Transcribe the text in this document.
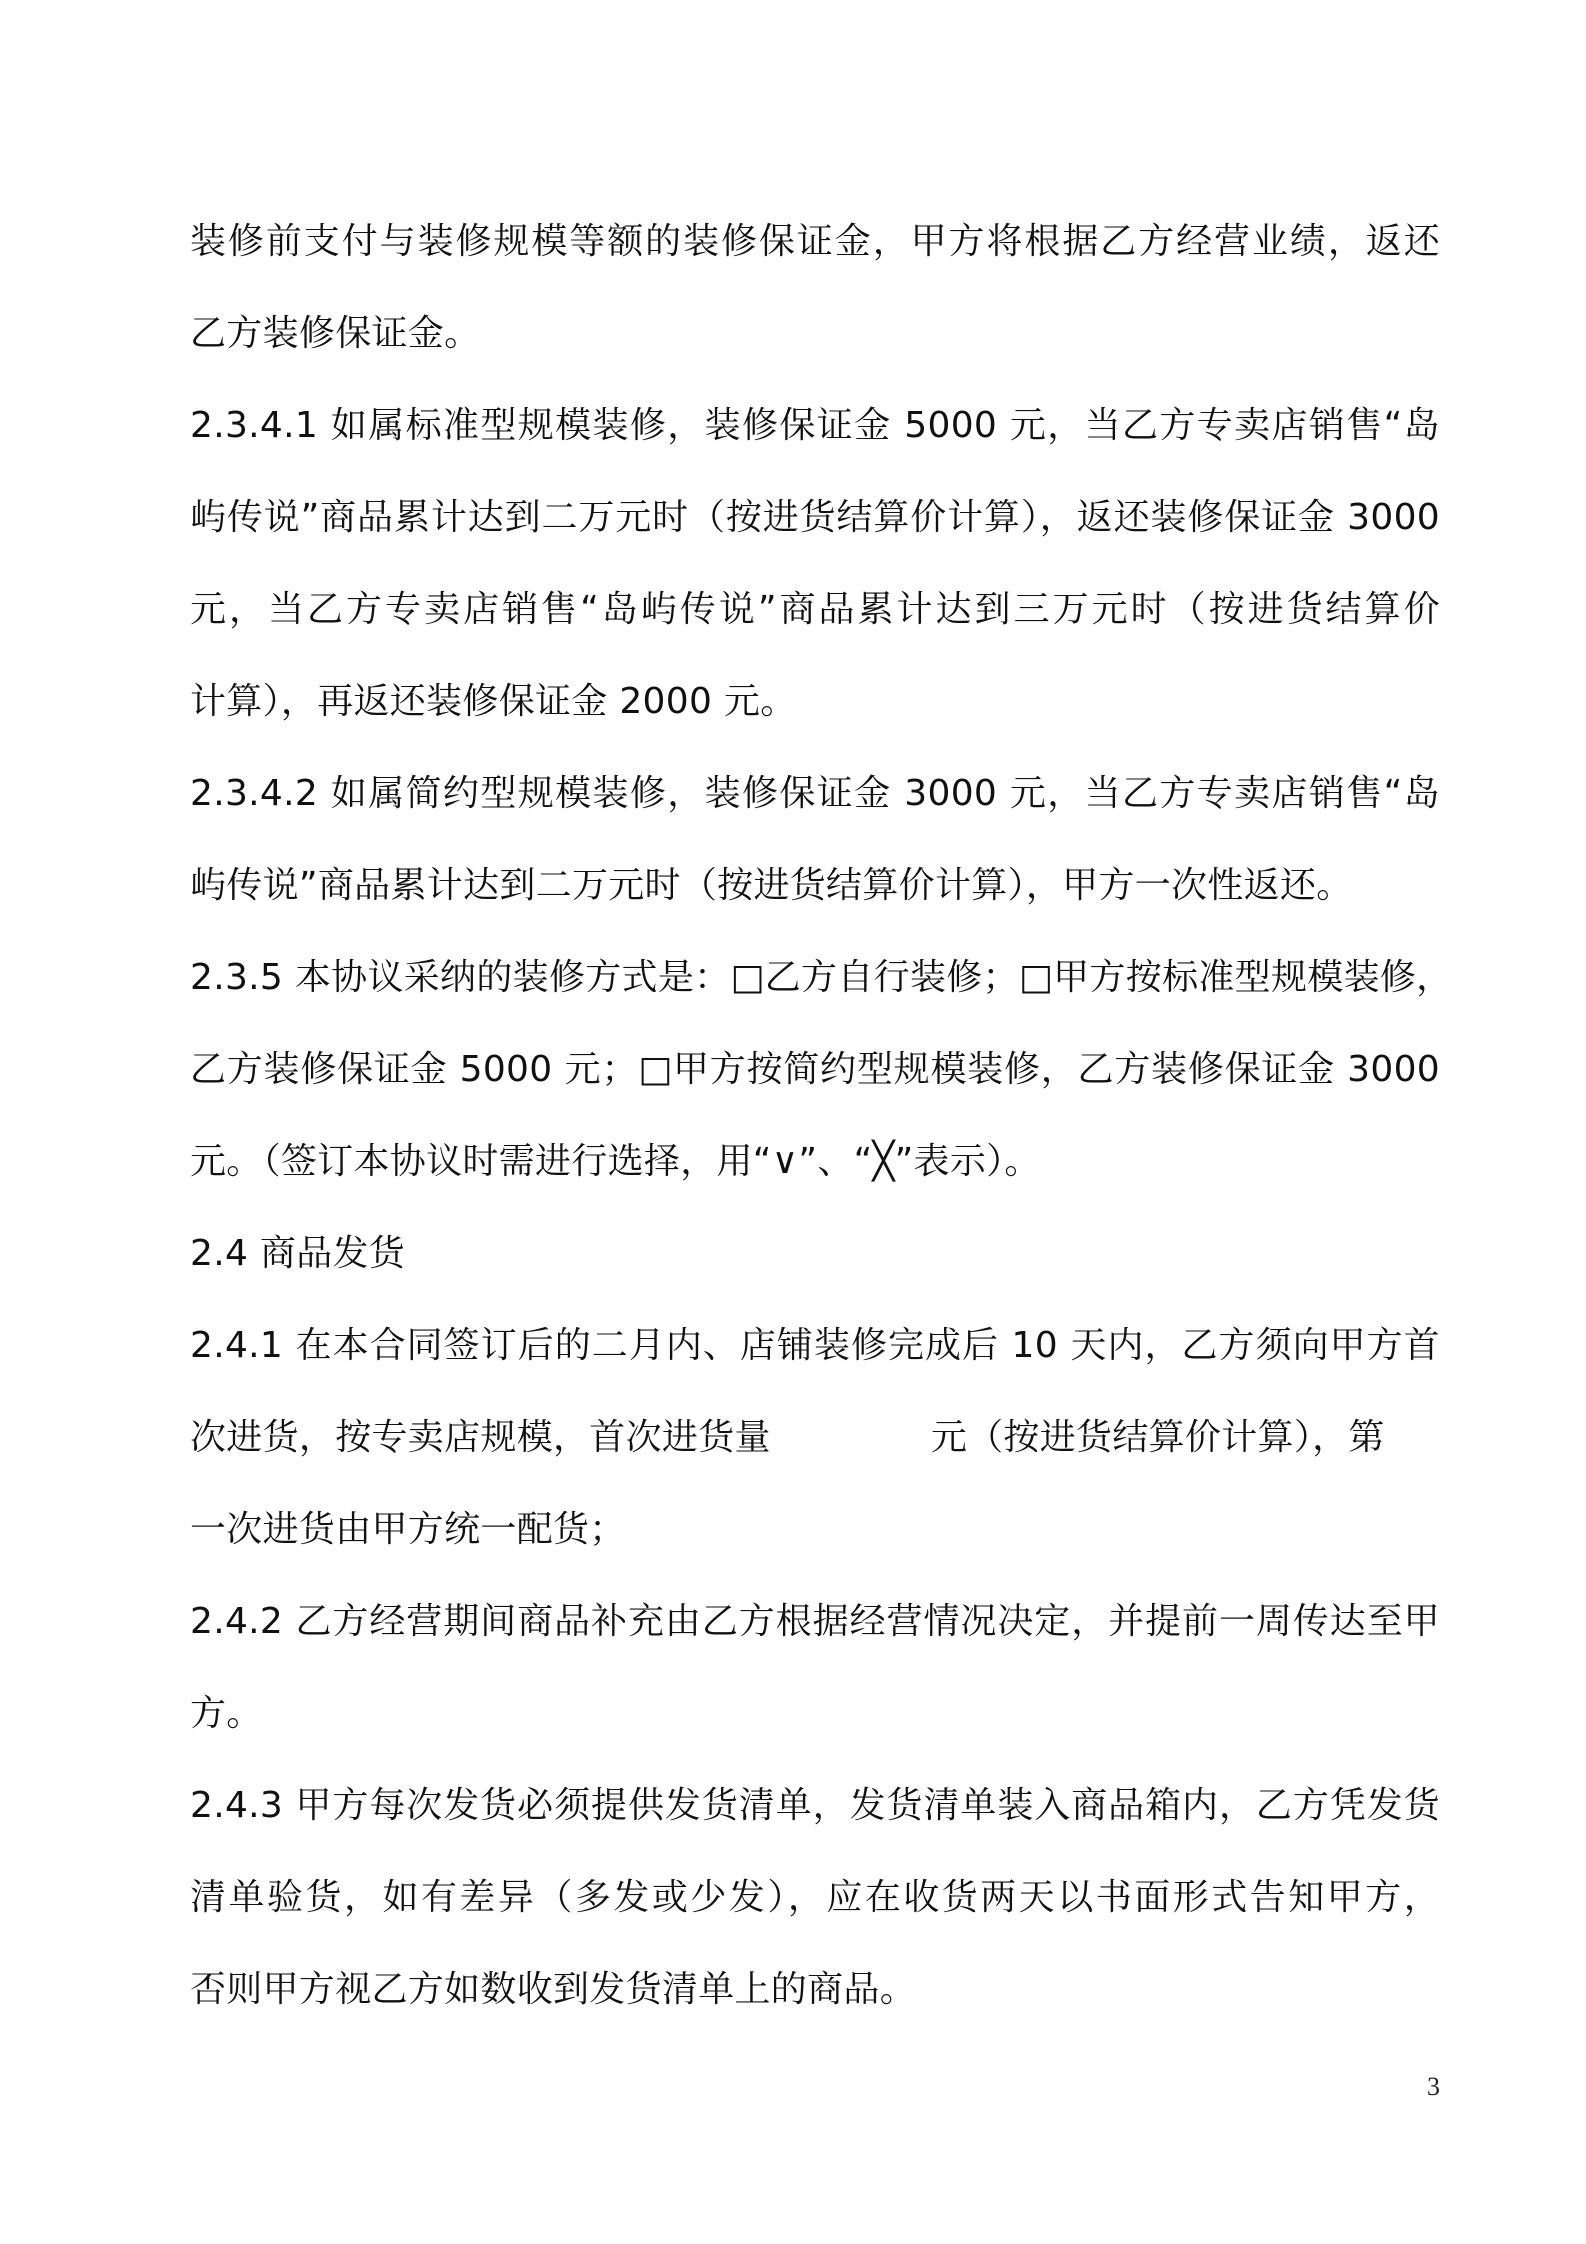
装修前支付与装修规模等额的装修保证金，甲方将根据乙方经营业绩，返还
乙方装修保证金。
2.3.4.1 如属标准型规模装修，装修保证金 5000 元，当乙方专卖店销售“岛
屿传说”商品累计达到二万元时（按进货结算价计算），返还装修保证金 3000
元，当乙方专卖店销售“岛屿传说”商品累计达到三万元时（按进货结算价
计算），再返还装修保证金 2000 元。
2.3.4.2 如属简约型规模装修，装修保证金 3000 元，当乙方专卖店销售“岛
屿传说”商品累计达到二万元时（按进货结算价计算），甲方一次性返还。
2.3.5 本协议采纳的装修方式是：□乙方自行装修；□甲方按标准型规模装修，
乙方装修保证金 5000 元；□甲方按简约型规模装修，乙方装修保证金 3000
元。（签订本协议时需进行选择，用“∨”、“╳”表示）。
2.4 商品发货
2.4.1 在本合同签订后的二月内、店铺装修完成后 10 天内，乙方须向甲方首
次进货，按专卖店规模，首次进货量	元（按进货结算价计算），第
一次进货由甲方统一配货；
2.4.2 乙方经营期间商品补充由乙方根据经营情况决定，并提前一周传达至甲
方。
2.4.3 甲方每次发货必须提供发货清单，发货清单装入商品箱内，乙方凭发货
清单验货，如有差异（多发或少发），应在收货两天以书面形式告知甲方，
否则甲方视乙方如数收到发货清单上的商品。
3
